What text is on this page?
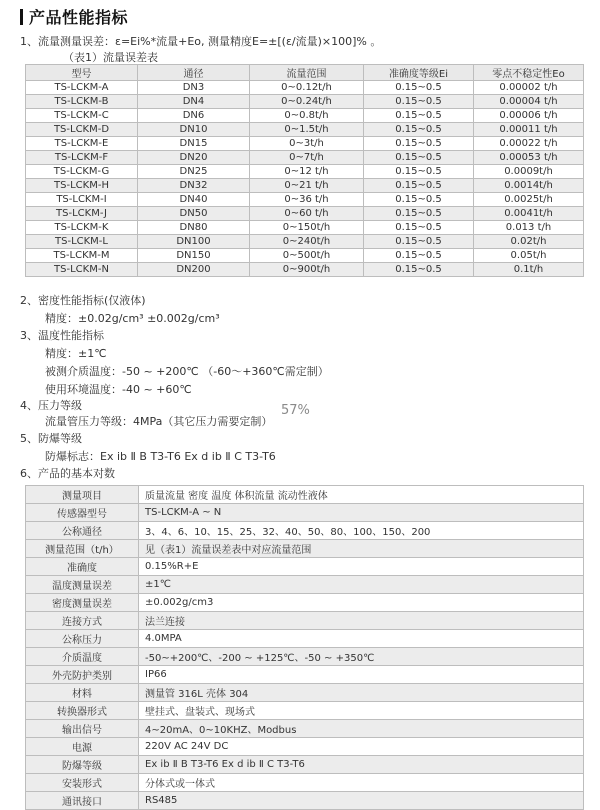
产品性能指标
1、流量测量误差：ε=Ei%*流量+Eo, 测量精度E=±[(ε/流量)×100]% 。
（表1）流量误差表
型号	通径	流量范围	准确度等级Ei	零点不稳定性Eo
TS-LCKM-A	DN3	0~0.12t/h	0.15~0.5	0.00002 t/h
TS-LCKM-B	DN4	0~0.24t/h	0.15~0.5	0.00004 t/h
TS-LCKM-C	DN6	0~0.8t/h	0.15~0.5	0.00006 t/h
TS-LCKM-D	DN10	0~1.5t/h	0.15~0.5	0.00011 t/h
TS-LCKM-E	DN15	0~3t/h	0.15~0.5	0.00022 t/h
TS-LCKM-F	DN20	0~7t/h	0.15~0.5	0.00053 t/h
TS-LCKM-G	DN25	0~12 t/h	0.15~0.5	0.0009t/h
TS-LCKM-H	DN32	0~21 t/h	0.15~0.5	0.0014t/h
TS-LCKM-I	DN40	0~36 t/h	0.15~0.5	0.0025t/h
TS-LCKM-J	DN50	0~60 t/h	0.15~0.5	0.0041t/h
TS-LCKM-K	DN80	0~150t/h	0.15~0.5	0.013 t/h
TS-LCKM-L	DN100	0~240t/h	0.15~0.5	0.02t/h
TS-LCKM-M	DN150	0~500t/h	0.15~0.5	0.05t/h
TS-LCKM-N	DN200	0~900t/h	0.15~0.5	0.1t/h
2、密度性能指标(仅液体)
精度：±0.02g/cm³ ±0.002g/cm³
3、温度性能指标
精度：±1℃
被测介质温度：-50 ~ +200℃ （-60～+360℃需定制）
使用环境温度：-40 ~ +60℃
4、压力等级
流量管压力等级：4MPa（其它压力需要定制）
57%
5、防爆等级
防爆标志：Ex ib Ⅱ B T3-T6 Ex d ib Ⅱ C T3-T6
6、产品的基本对数
测量项目	质量流量 密度 温度 体积流量 流动性液体
传感器型号	TS-LCKM-A ~ N
公称通径	3、4、6、10、15、25、32、40、50、80、100、150、200
测量范围（t/h）	见（表1）流量误差表中对应流量范围
准确度	0.15%R+E
温度测量误差	±1℃
密度测量误差	±0.002g/cm3
连接方式	法兰连接
公称压力	4.0MPA
介质温度	-50~+200℃、-200 ~ +125℃、-50 ~ +350℃
外壳防护类别	IP66
材料	测量管 316L 壳体 304
转换器形式	壁挂式、盘装式、现场式
输出信号	4~20mA、0~10KHZ、Modbus
电源	220V AC 24V DC
防爆等级	Ex ib Ⅱ B T3-T6 Ex d ib Ⅱ C T3-T6
安装形式	分体式或一体式
通讯接口	RS485
